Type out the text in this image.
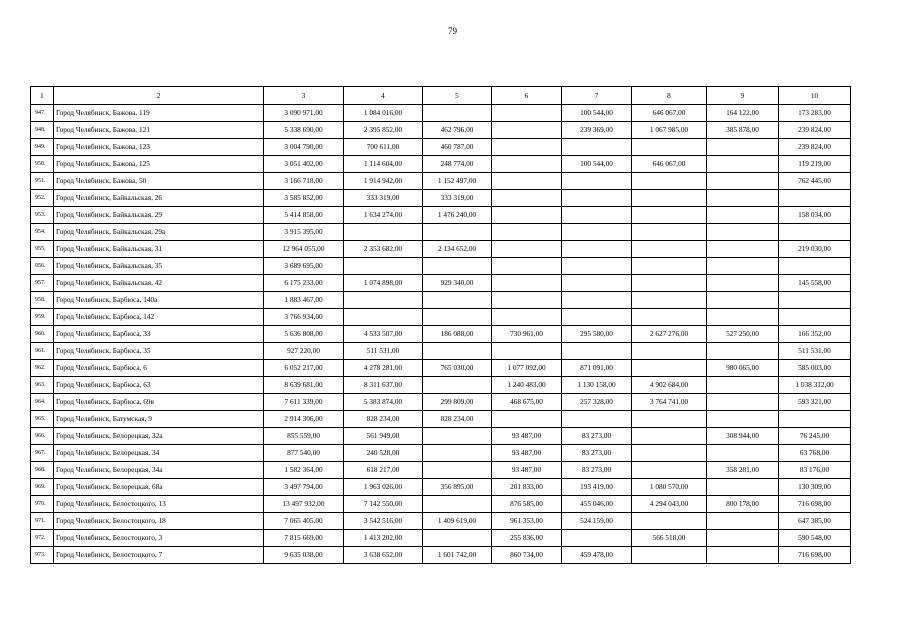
79
1	2	3	4	5	6	7	8	9	10
947.	Город Челябинск, Бажова, 119	3 090 971,00	1 084 016,00			100 544,00	646 067,00	164 122,00	173 283,00
948.	Город Челябинск, Бажова, 121	5 338 690,00	2 395 852,00	462 796,00		239 369,00	1 067 985,00	385 878,00	239 824,00
949.	Город Челябинск, Бажова, 123	3 004 790,00	700 611,00	460 787,00					239 824,00
950.	Город Челябинск, Бажова, 125	3 051 402,00	1 114 604,00	248 774,00		100 544,00	646 067,00		119 219,00
951.	Город Челябинск, Бажова, 50	3 166 718,00	1 914 942,00	1 152 497,00					762 445,00
952.	Город Челябинск, Байкальская, 26	3 585 852,00	333 319,00	333 319,00					
953.	Город Челябинск, Байкальская, 29	5 414 858,00	1 634 274,00	1 476 240,00					158 034,00
954.	Город Челябинск, Байкальская, 29а	3 915 395,00							
955.	Город Челябинск, Байкальская, 31	12 964 055,00	2 353 682,00	2 134 652,00					219 030,00
956.	Город Челябинск, Байкальская, 35	3 689 695,00							
957.	Город Челябинск, Байкальская, 42	6 175 233,00	1 074 898,00	929 340,00					145 558,00
958.	Город Челябинск, Барбюса, 140а	1 883 467,00							
959.	Город Челябинск, Барбюса, 142	3 766 934,00							
960.	Город Челябинск, Барбюса, 33	5 636 808,00	4 533 507,00	186 088,00	730 961,00	295 580,00	2 627 276,00	527 250,00	166 352,00
961.	Город Челябинск, Барбюса, 35	927 220,00	511 531,00						511 531,00
962.	Город Челябинск, Барбюса, 6	6 052 217,00	4 278 281,00	765 030,00	1 077 092,00	871 091,00		980 065,00	585 003,00
963.	Город Челябинск, Барбюса, 63	8 639 681,00	8 311 637,00		1 240 483,00	1 130 158,00	4 902 684,00		1 038 312,00
964.	Город Челябинск, Барбюса, 69в	7 611 339,00	5 383 874,00	299 809,00	468 675,00	257 328,00	3 764 741,00		593 321,00
965.	Город Челябинск, Батумская, 9	2 914 306,00	828 234,00	828 234,00					
966.	Город Челябинск, Белорецкая, 32а	855 559,00	561 949,00		93 487,00	83 273,00		308 944,00	76 245,00
967.	Город Челябинск, Белорецкая, 34	877 540,00	240 528,00		93 487,00	83 273,00			63 768,00
968.	Город Челябинск, Белорецкая, 34а	1 582 364,00	618 217,00		93 487,00	83 273,00		358 281,00	83 176,00
969.	Город Челябинск, Белорецкая, 68а	3 497 794,00	1 963 026,00	356 895,00	201 833,00	193 419,00	1 080 570,00		130 309,00
970.	Город Челябинск, Белостоцкого, 13	13 497 932,00	7 142 550,00		876 585,00	455 046,00	4 294 043,00	800 178,00	716 698,00
971.	Город Челябинск, Белостоцкого, 18	7 065 405,00	3 542 516,00	1 409 619,00	961 353,00	524 159,00			647 385,00
972.	Город Челябинск, Белостоцкого, 3	7 815 669,00	1 413 202,00		255 836,00		566 518,00		590 548,00
973.	Город Челябинск, Белостоцкого, 7	9 635 038,00	3 638 652,00	1 601 742,00	860 734,00	459 478,00			716 698,00
